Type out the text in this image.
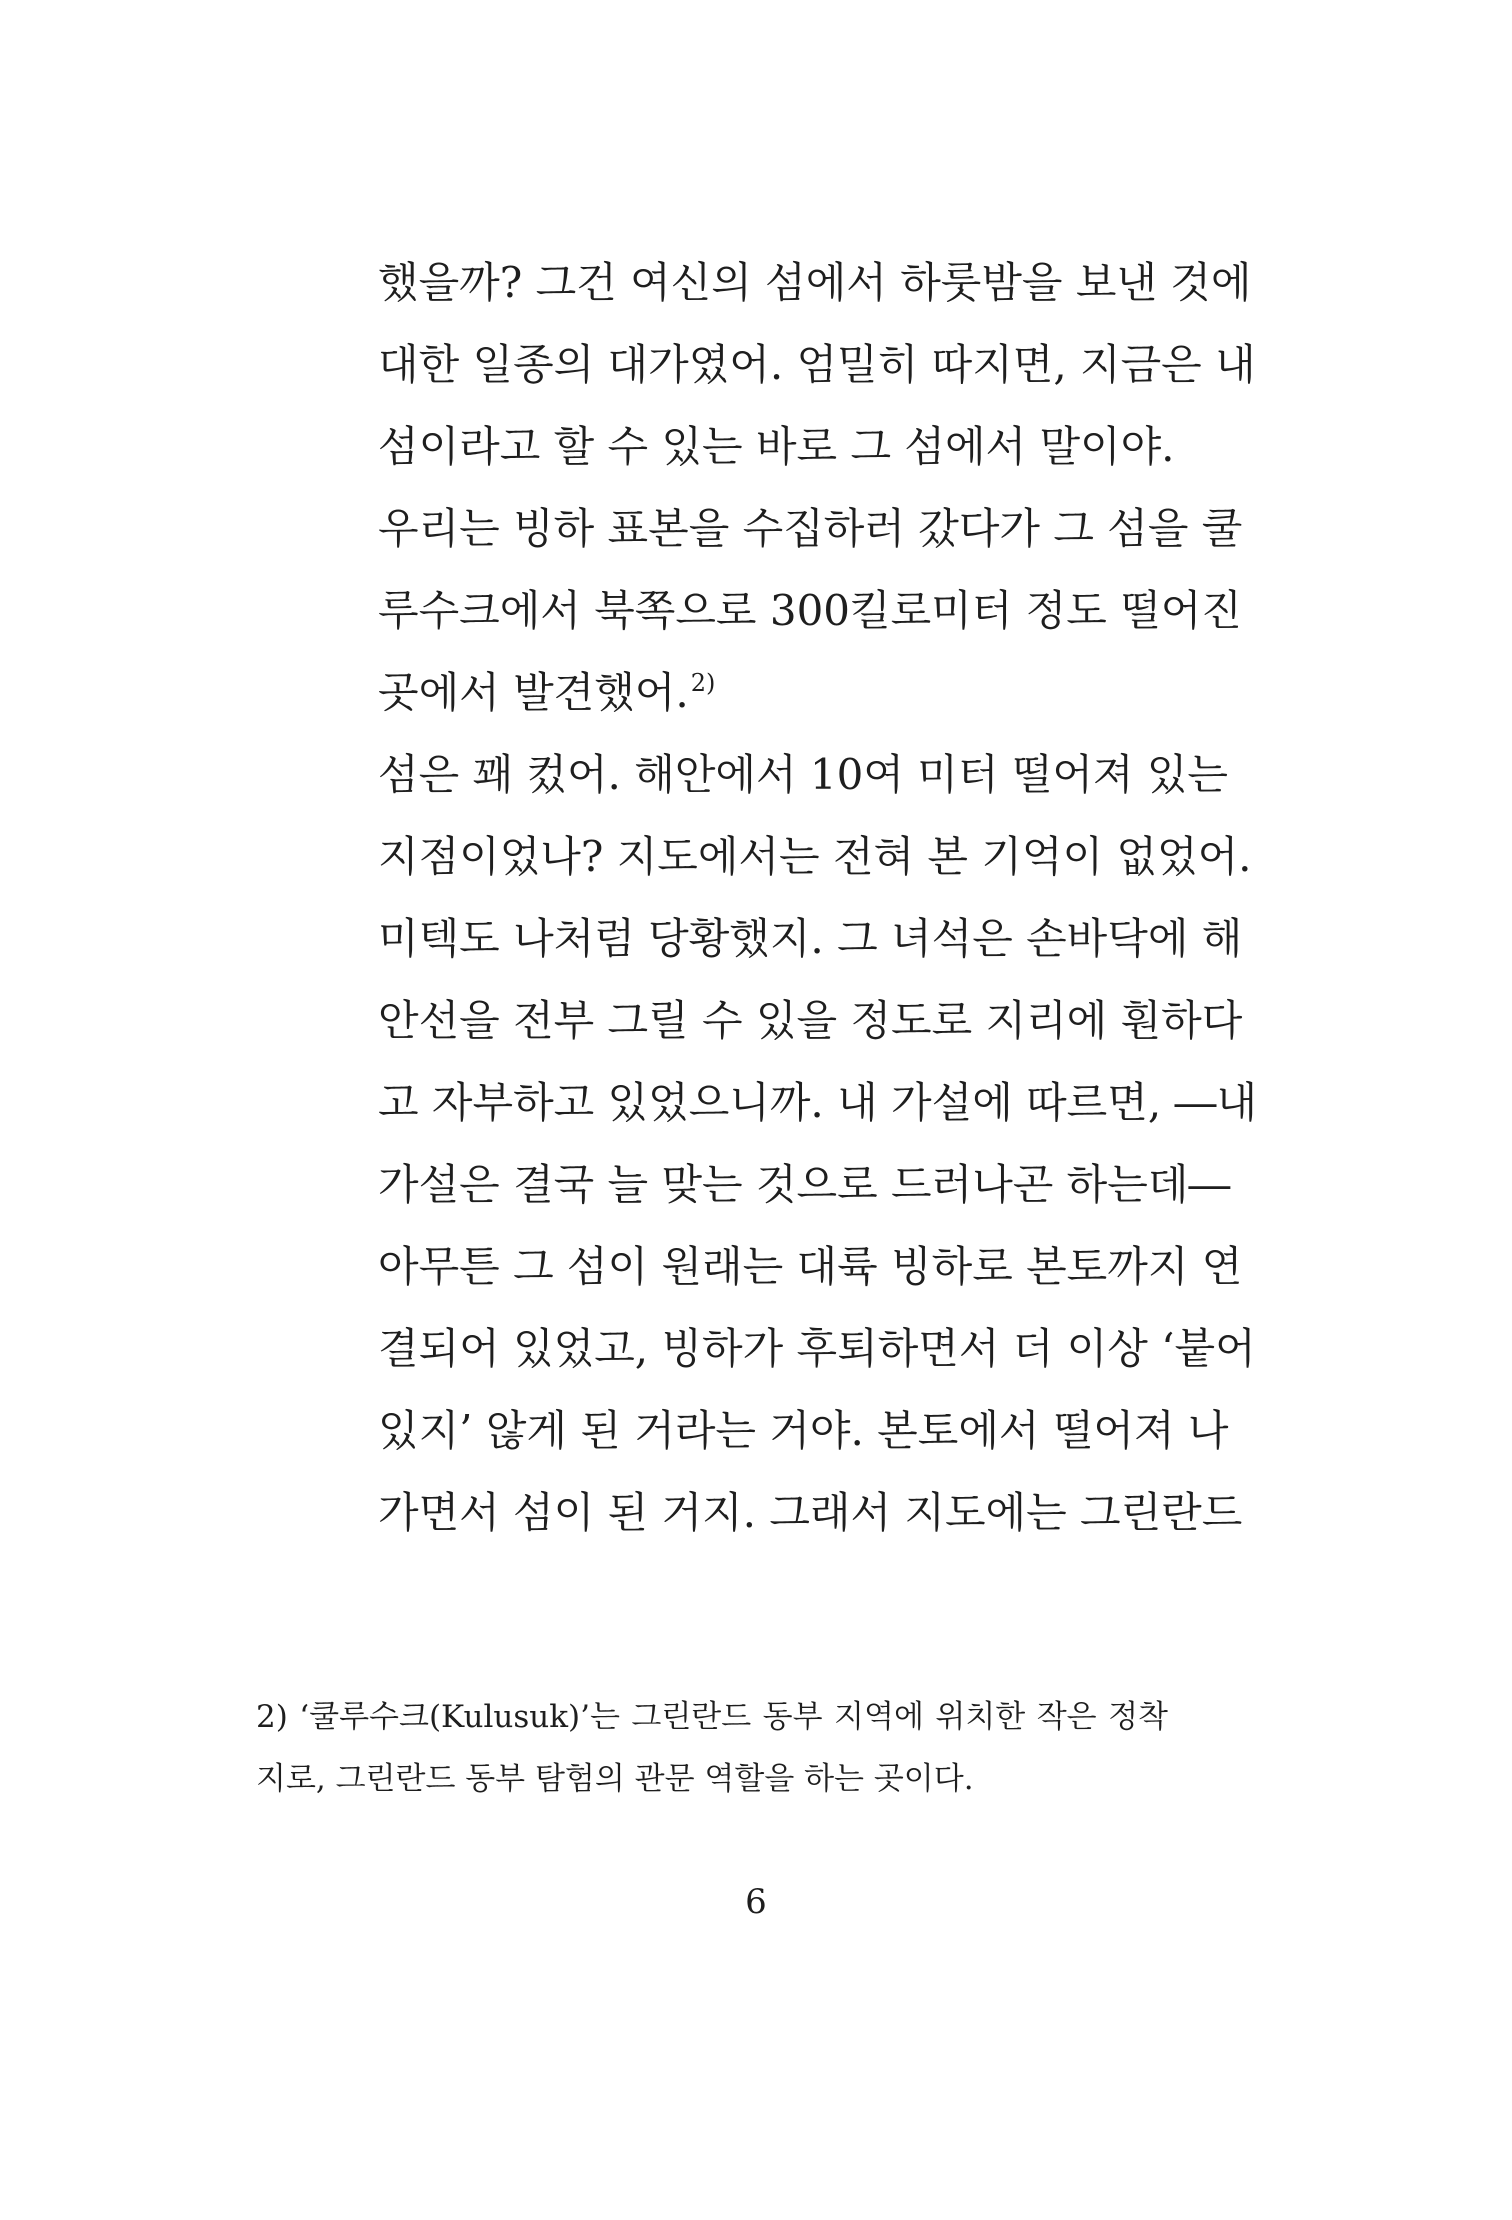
했을까? 그건 여신의 섬에서 하룻밤을 보낸 것에
대한 일종의 대가였어. 엄밀히 따지면, 지금은 내
섬이라고 할 수 있는 바로 그 섬에서 말이야.
우리는 빙하 표본을 수집하러 갔다가 그 섬을 쿨
루수크에서 북쪽으로 300킬로미터 정도 떨어진
곳에서 발견했어.$^{2)}$
섬은 꽤 컸어. 해안에서 10여 미터 떨어져 있는
지점이었나? 지도에서는 전혀 본 기억이 없었어.
미텍도 나처럼 당황했지. 그 녀석은 손바닥에 해
안선을 전부 그릴 수 있을 정도로 지리에 훤하다
고 자부하고 있었으니까. 내 가설에 따르면, ―내
가설은 결국 늘 맞는 것으로 드러나곤 하는데―
아무튼 그 섬이 원래는 대륙 빙하로 본토까지 연
결되어 있었고, 빙하가 후퇴하면서 더 이상 ‘붙어
있지’ 않게 된 거라는 거야. 본토에서 떨어져 나
가면서 섬이 된 거지. 그래서 지도에는 그린란드
2) ‘쿨루수크(Kulusuk)’는 그린란드 동부 지역에 위치한 작은 정착
지로, 그린란드 동부 탐험의 관문 역할을 하는 곳이다.
6
